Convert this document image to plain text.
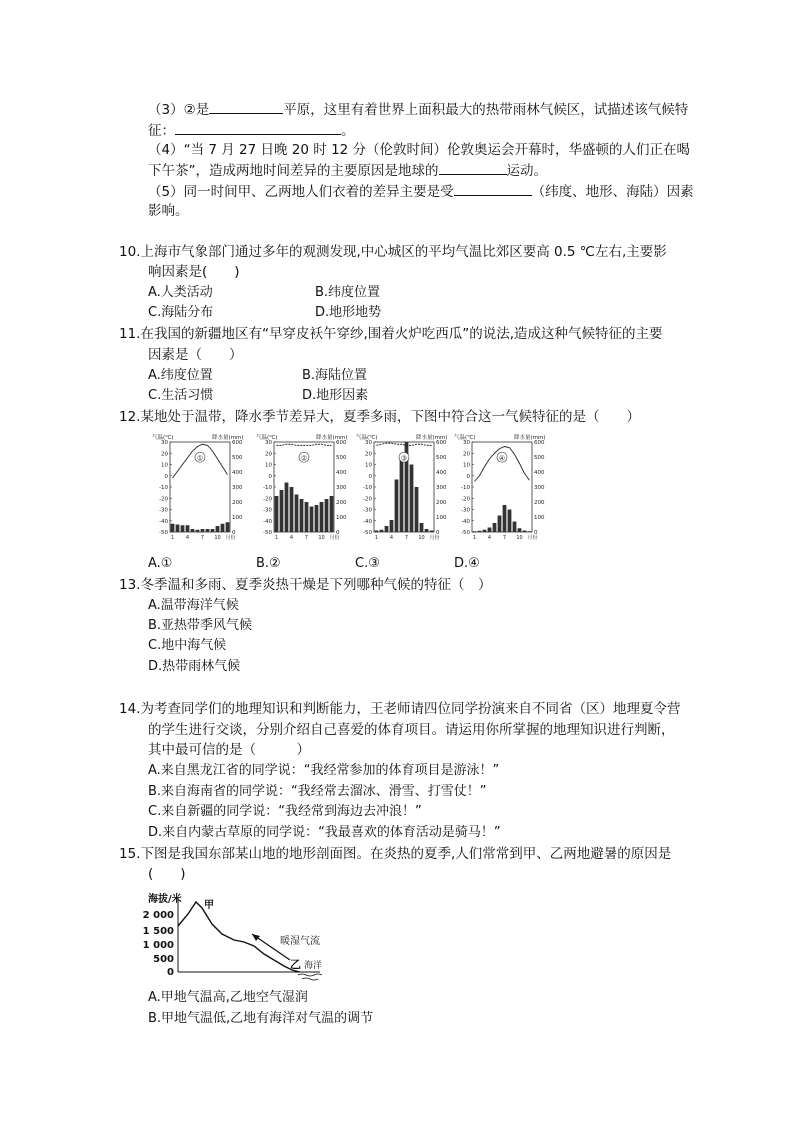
（3）②是	平原，这里有着世界上面积最大的热带雨林气候区，试描述该气候特
征：	。
（4）“当 7 月 27 日晚 20 时 12 分（伦敦时间）伦敦奥运会开幕时，华盛顿的人们正在喝
下午茶”，造成两地时间差异的主要原因是地球的	运动。
（5）同一时间甲、乙两地人们衣着的差异主要是受	（纬度、地形、海陆）因素
影响。
10.上海市气象部门通过多年的观测发现,中心城区的平均气温比郊区要高 0.5 ℃左右,主要影
响因素是(　　)
A.人类活动	B.纬度位置
C.海陆分布	D.地形地势
11.在我国的新疆地区有“早穿皮袄午穿纱,围着火炉吃西瓜”的说法,造成这种气候特征的主要
因素是（　　）
A.纬度位置	B.海陆位置
C.生活习惯	D.地形因素
12.某地处于温带，降水季节差异大，夏季多雨，下图中符合这一气候特征的是（　　）
气温(℃)	降水量(mm)
30
20
10
0
-10
-20
-30
-40
-50
600
500
400
300
200
100
0
①
1 4 7 10 月份
气温(℃)	降水量(mm)
30
20
10
0
-10
-20
-30
-40
-50
600
500
400
300
200
100
0
②
1 4 7 10 月份
气温(℃)	降水量(mm)
30
20
10
0
-10
-20
-30
-40
-50
600
500
400
300
200
100
0
③
1 4 7 10 月份
气温(℃)	降水量(mm)
30
20
10
0
-10
-20
-30
-40
-50
600
500
400
300
200
100
0
④
1 4 7 10 月份
A.①	B.②	C.③	D.④
13.冬季温和多雨、夏季炎热干燥是下列哪种气候的特征（　）
A.温带海洋气候
B.亚热带季风气候
C.地中海气候
D.热带雨林气候
14.为考查同学们的地理知识和判断能力，王老师请四位同学扮演来自不同省（区）地理夏令营
的学生进行交谈，分别介绍自己喜爱的体育项目。请运用你所掌握的地理知识进行判断，
其中最可信的是（　　　）
A.来自黑龙江省的同学说：“我经常参加的体育项目是游泳！”
B.来自海南省的同学说：“我经常去溜冰、滑雪、打雪仗！”
C.来自新疆的同学说：“我经常到海边去冲浪！”
D.来自内蒙古草原的同学说：“我最喜欢的体育活动是骑马！”
15.下图是我国东部某山地的地形剖面图。在炎热的夏季,人们常常到甲、乙两地避暑的原因是
(　　)
海拔/米
2 000
1 500
1 000
500
0
甲
暖湿气流
乙 海洋
A.甲地气温高,乙地空气湿润
B.甲地气温低,乙地有海洋对气温的调节
